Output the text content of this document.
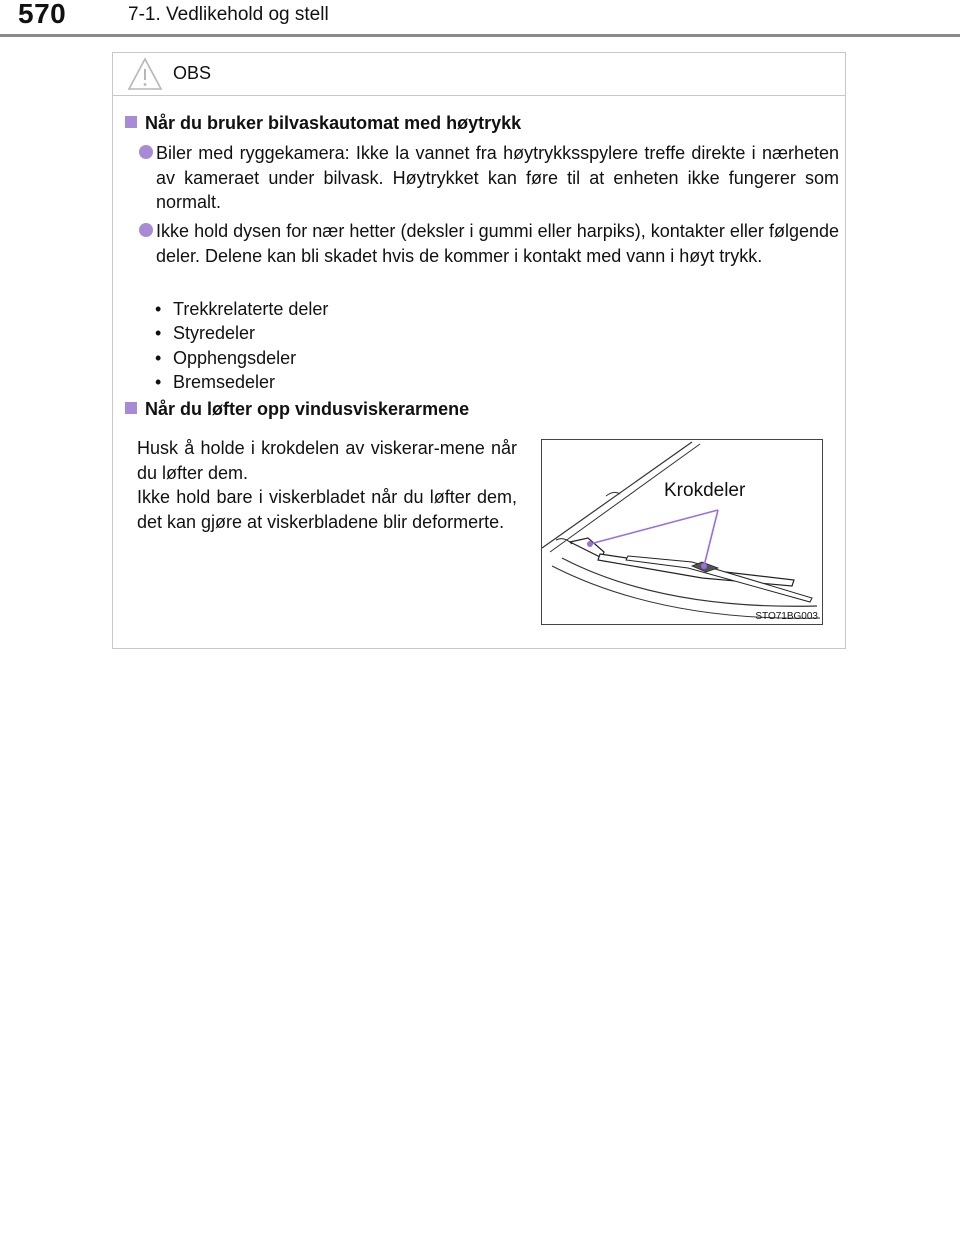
570	7-1. Vedlikehold og stell
OBS
Når du bruker bilvaskautomat med høytrykk
Biler med ryggekamera: Ikke la vannet fra høytrykksspylere treffe direkte i nærheten av kameraet under bilvask. Høytrykket kan føre til at enheten ikke fungerer som normalt.
Ikke hold dysen for nær hetter (deksler i gummi eller harpiks), kontakter eller følgende deler. Delene kan bli skadet hvis de kommer i kontakt med vann i høyt trykk.
• Trekkrelaterte deler
• Styredeler
• Opphengsdeler
• Bremsedeler
Når du løfter opp vindusviskerarmene
Husk å holde i krokdelen av viskerar-mene når du løfter dem.
Ikke hold bare i viskerbladet når du løfter dem, det kan gjøre at viskerbladene blir deformerte.
Krokdeler
STO71BG003
